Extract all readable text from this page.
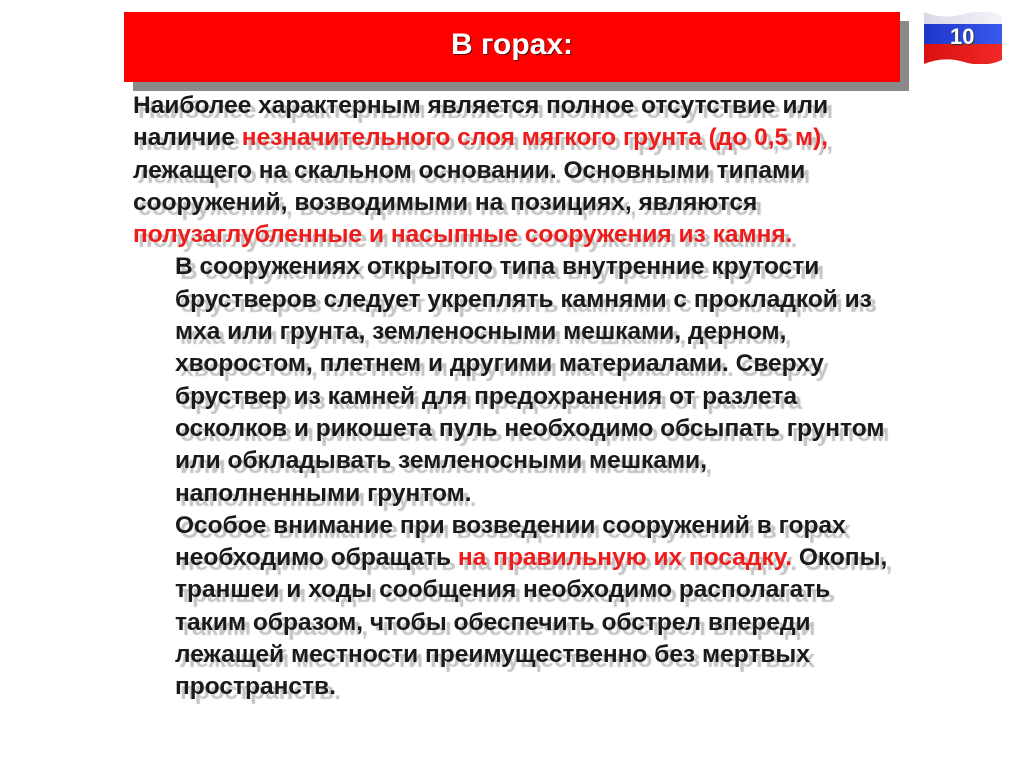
В горах:	10

Наиболее характерным является полное отсутствие или наличие незначительного слоя мягкого грунта (до 0,5 м), лежащего на скальном основании. Основными типами сооружений, возводимыми на позициях, являются полузаглубленные и насыпные сооружения из камня.

В сооружениях открытого типа внутренние крутости брустверов следует укреплять камнями с прокладкой из мха или грунта, земленосными мешками, дерном, хворостом, плетнем и другими материалами. Сверху бруствер из камней для предохранения от разлета осколков и рикошета пуль необходимо обсыпать грунтом или обкладывать земленосными мешками, наполненными грунтом.

Особое внимание при возведении сооружений в горах необходимо обращать на правильную их посадку. Окопы, траншеи и ходы сообщения необходимо располагать таким образом, чтобы обеспечить обстрел впереди лежащей местности преимущественно без мертвых пространств.
